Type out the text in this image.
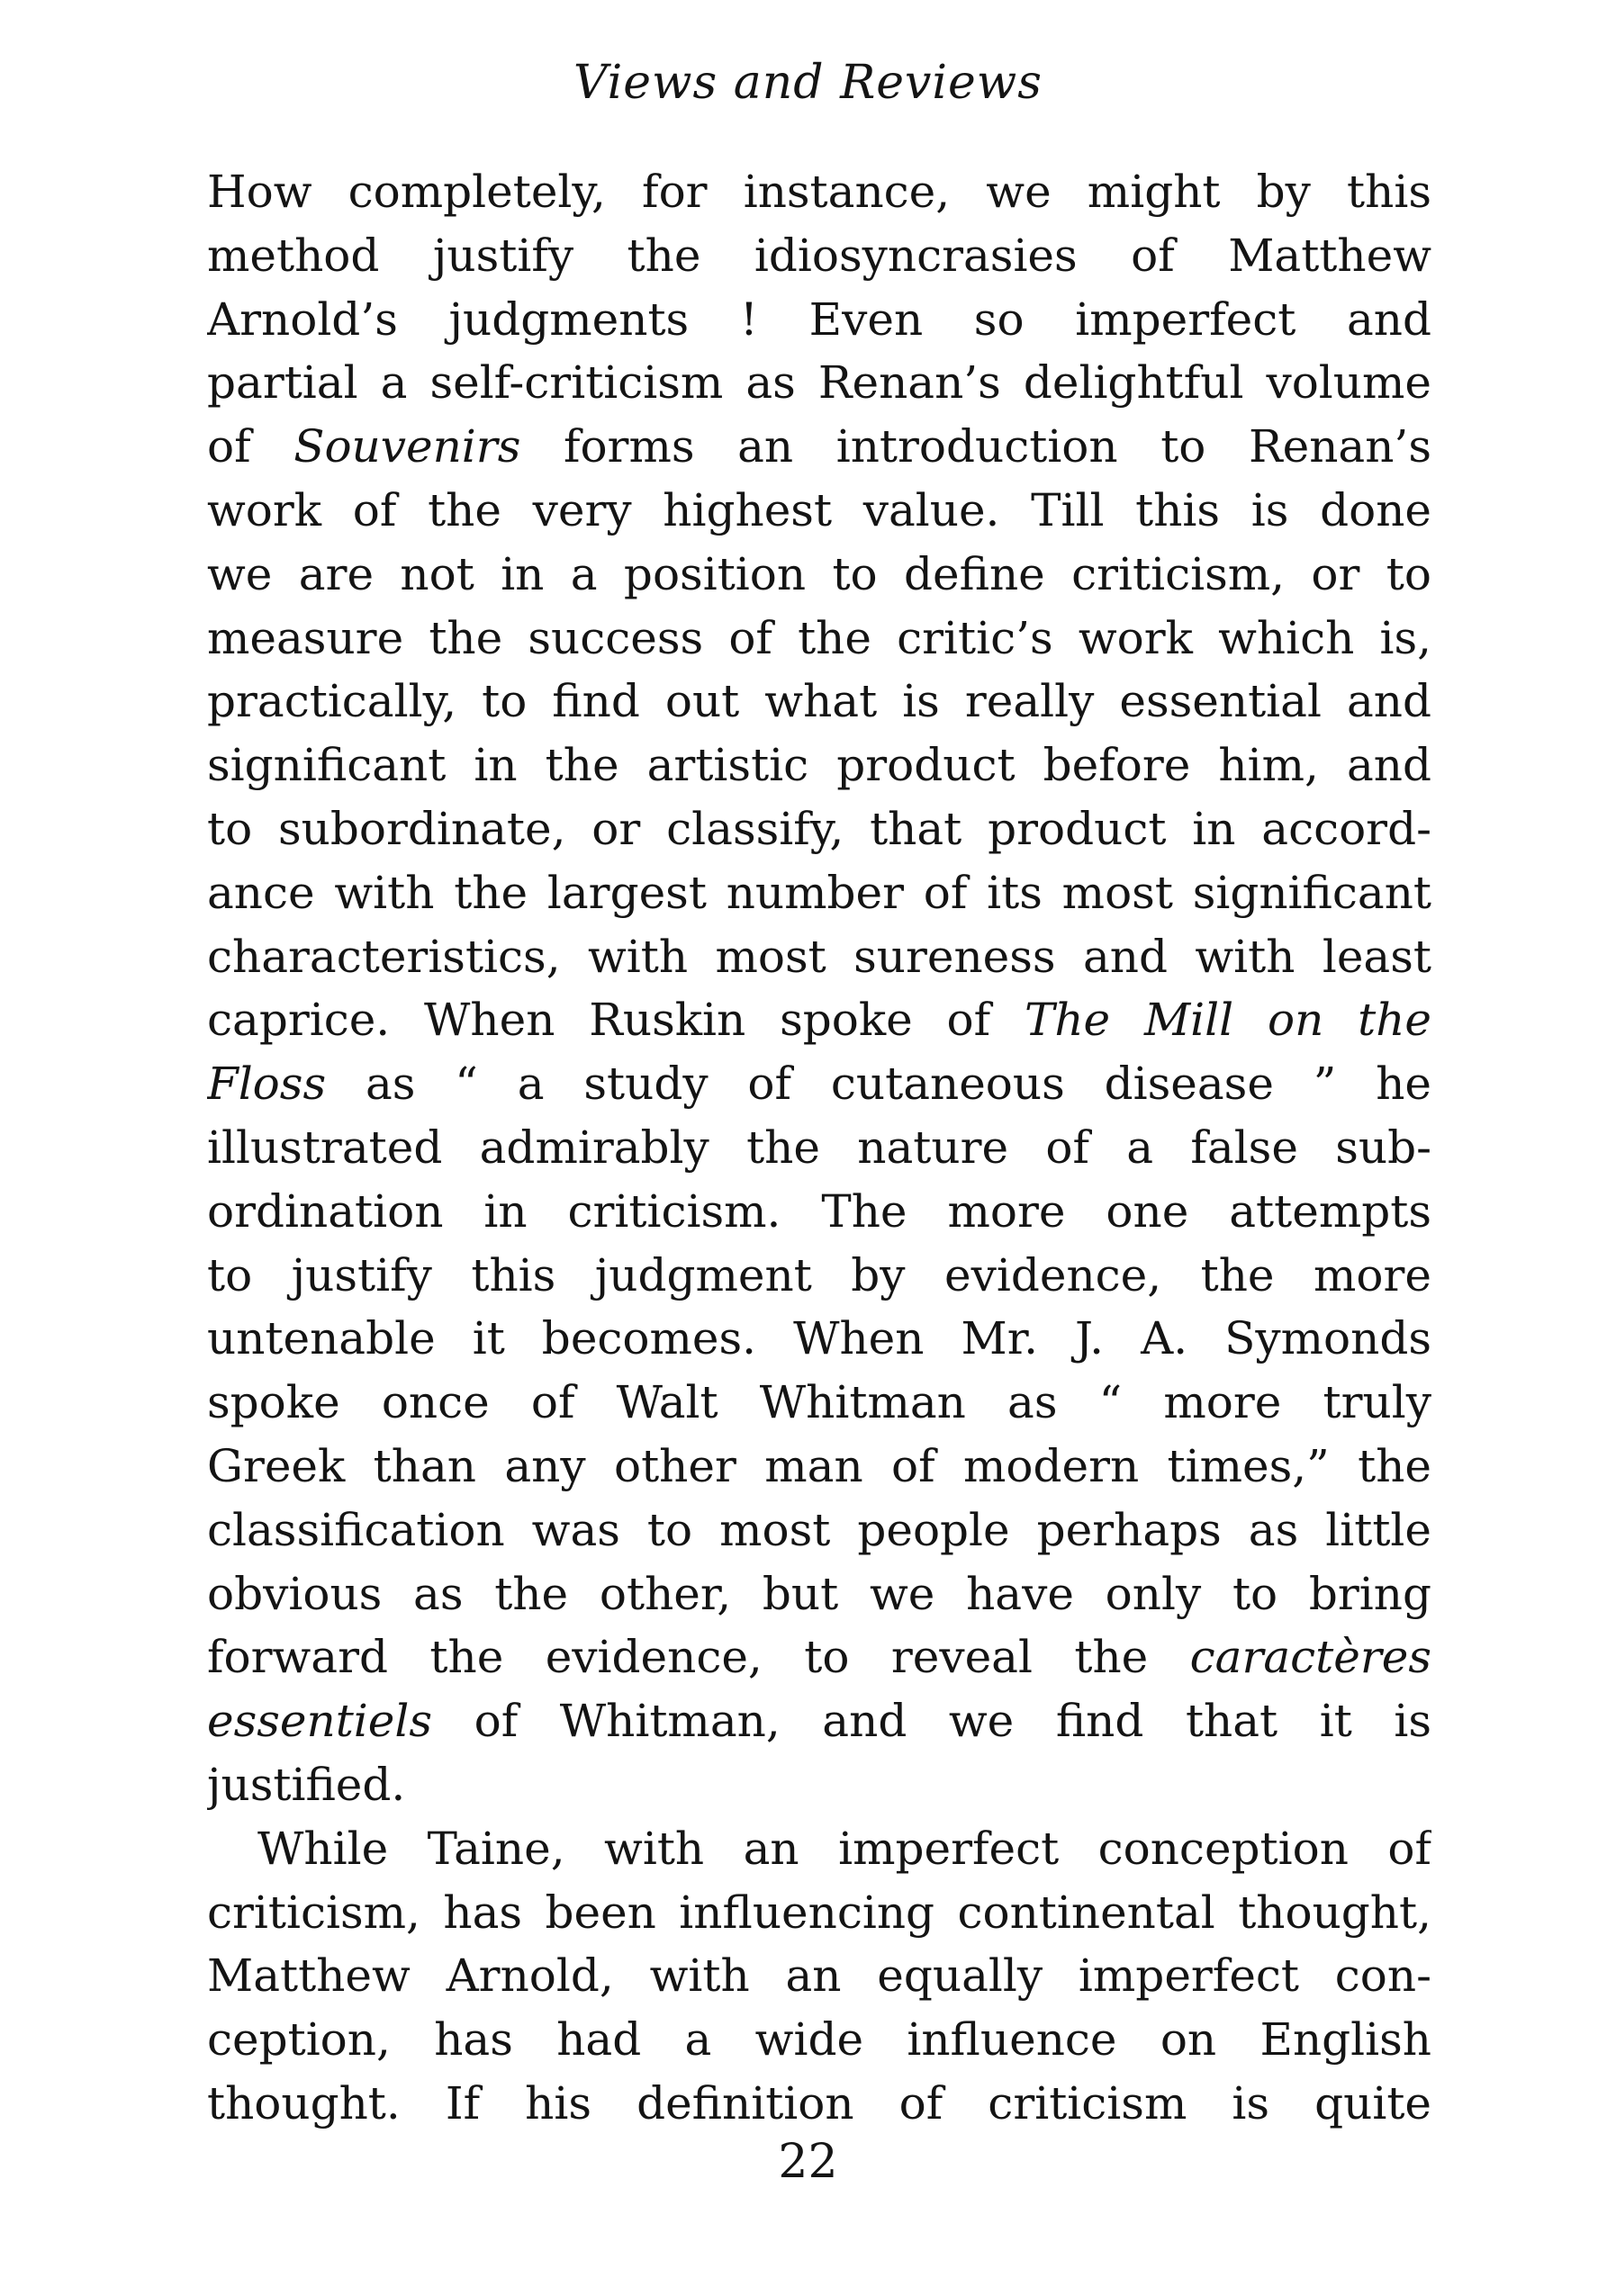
Views and Reviews
How completely, for instance, we might by this
method justify the idiosyncrasies of Matthew
Arnold’s judgments ! Even so imperfect and
partial a self-criticism as Renan’s delightful volume
of Souvenirs forms an introduction to Renan’s
work of the very highest value. Till this is done
we are not in a position to define criticism, or to
measure the success of the critic’s work which is,
practically, to find out what is really essential and
significant in the artistic product before him, and
to subordinate, or classify, that product in accord-
ance with the largest number of its most significant
characteristics, with most sureness and with least
caprice. When Ruskin spoke of The Mill on the
Floss as “ a study of cutaneous disease ” he
illustrated admirably the nature of a false sub-
ordination in criticism. The more one attempts
to justify this judgment by evidence, the more
untenable it becomes. When Mr. J. A. Symonds
spoke once of Walt Whitman as “ more truly
Greek than any other man of modern times,” the
classification was to most people perhaps as little
obvious as the other, but we have only to bring
forward the evidence, to reveal the caractères
essentiels of Whitman, and we find that it is
justified.
While Taine, with an imperfect conception of
criticism, has been influencing continental thought,
Matthew Arnold, with an equally imperfect con-
ception, has had a wide influence on English
thought. If his definition of criticism is quite
22
